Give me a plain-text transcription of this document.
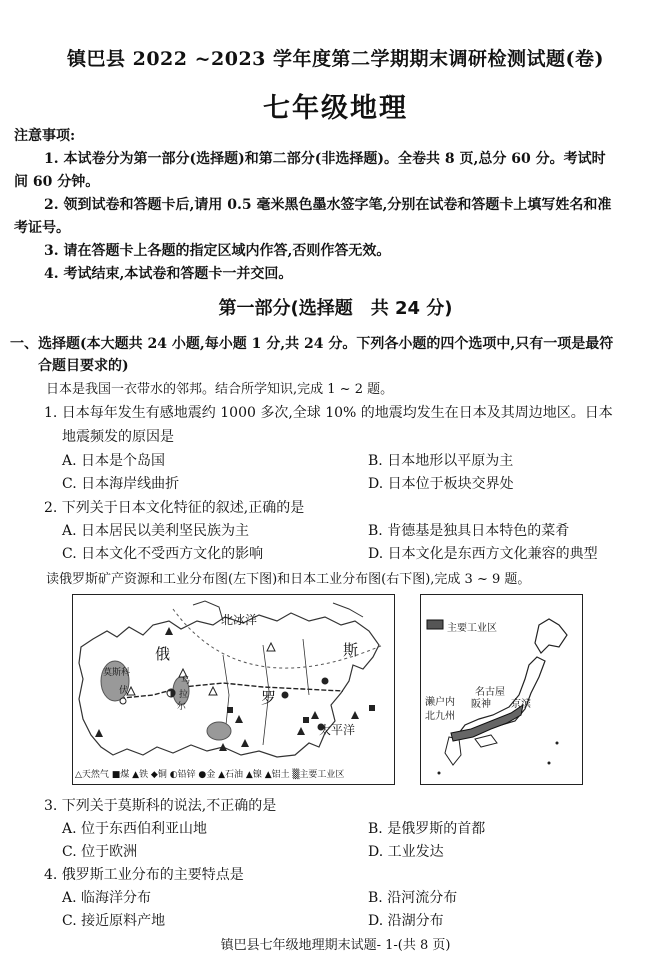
镇巴县 2022 ~2023 学年度第二学期期末调研检测试题(卷)
七年级地理
注意事项:
1. 本试卷分为第一部分(选择题)和第二部分(非选择题)。全卷共 8 页,总分 60 分。考试时
间 60 分钟。
2. 领到试卷和答题卡后,请用 0.5 毫米黑色墨水签字笔,分别在试卷和答题卡上填写姓名和准
考证号。
3. 请在答题卡上各题的指定区域内作答,否则作答无效。
4. 考试结束,本试卷和答题卡一并交回。
第一部分(选择题　共 24 分)
一、选择题(本大题共 24 小题,每小题 1 分,共 24 分。下列各小题的四个选项中,只有一项是最符
合题目要求的)
日本是我国一衣带水的邻邦。结合所学知识,完成 1 ~ 2 题。
1. 日本每年发生有感地震约 1000 多次,全球 10% 的地震均发生在日本及其周边地区。日本
地震频发的原因是
A. 日本是个岛国	B. 日本地形以平原为主
C. 日本海岸线曲折	D. 日本位于板块交界处
2. 下列关于日本文化特征的叙述,正确的是
A. 日本居民以美利坚民族为主	B. 肯德基是独具日本特色的菜肴
C. 日本文化不受西方文化的影响	D. 日本文化是东西方文化兼容的典型
读俄罗斯矿产资源和工业分布图(左下图)和日本工业分布图(右下图),完成 3 ~ 9 题。
北冰洋
太平洋
俄
罗
斯
莫斯科
伏
乌
拉
尔
△天然气 ■煤 ▲铁 ◆铜 ◐铅锌 ●金 ▲石油 ▲镍 ▲铝土 ▒主要工业区
主要工业区
濑户内
名古屋
阪神 京滨
北九州
3. 下列关于莫斯科的说法,不正确的是
A. 位于东西伯利亚山地	B. 是俄罗斯的首都
C. 位于欧洲	D. 工业发达
4. 俄罗斯工业分布的主要特点是
A. 临海洋分布	B. 沿河流分布
C. 接近原料产地	D. 沿湖分布
镇巴县七年级地理期末试题- 1-(共 8 页)
